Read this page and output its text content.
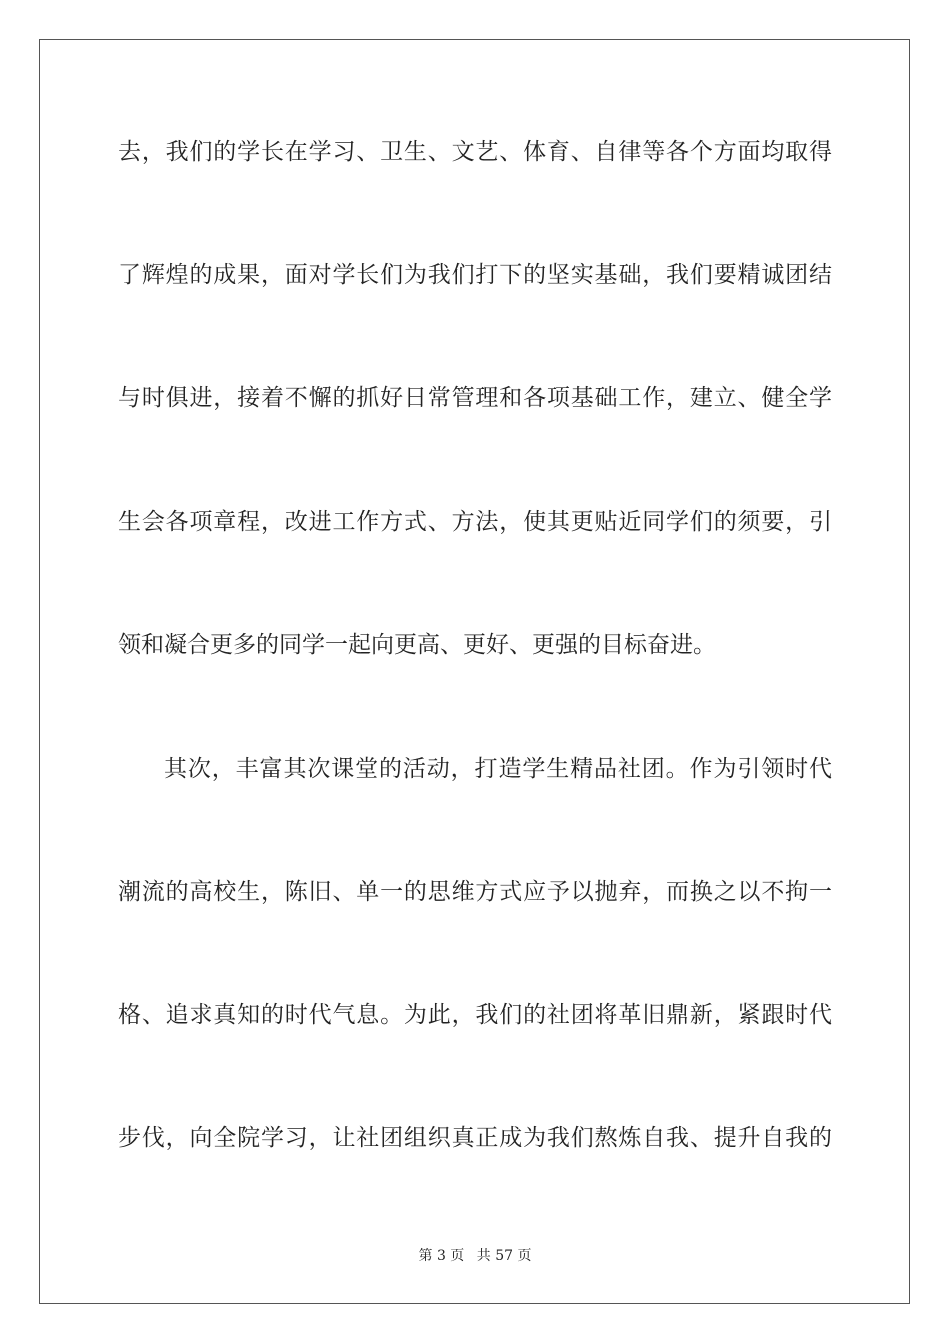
去，我们的学长在学习、卫生、文艺、体育、自律等各个方面均取得
了辉煌的成果，面对学长们为我们打下的坚实基础，我们要精诚团结
与时俱进，接着不懈的抓好日常管理和各项基础工作，建立、健全学
生会各项章程，改进工作方式、方法，使其更贴近同学们的须要，引
领和凝合更多的同学一起向更高、更好、更强的目标奋进。
其次，丰富其次课堂的活动，打造学生精品社团。作为引领时代
潮流的高校生，陈旧、单一的思维方式应予以抛弃，而换之以不拘一
格、追求真知的时代气息。为此，我们的社团将革旧鼎新，紧跟时代
步伐，向全院学习，让社团组织真正成为我们熬炼自我、提升自我的
第 3 页 共 57 页
